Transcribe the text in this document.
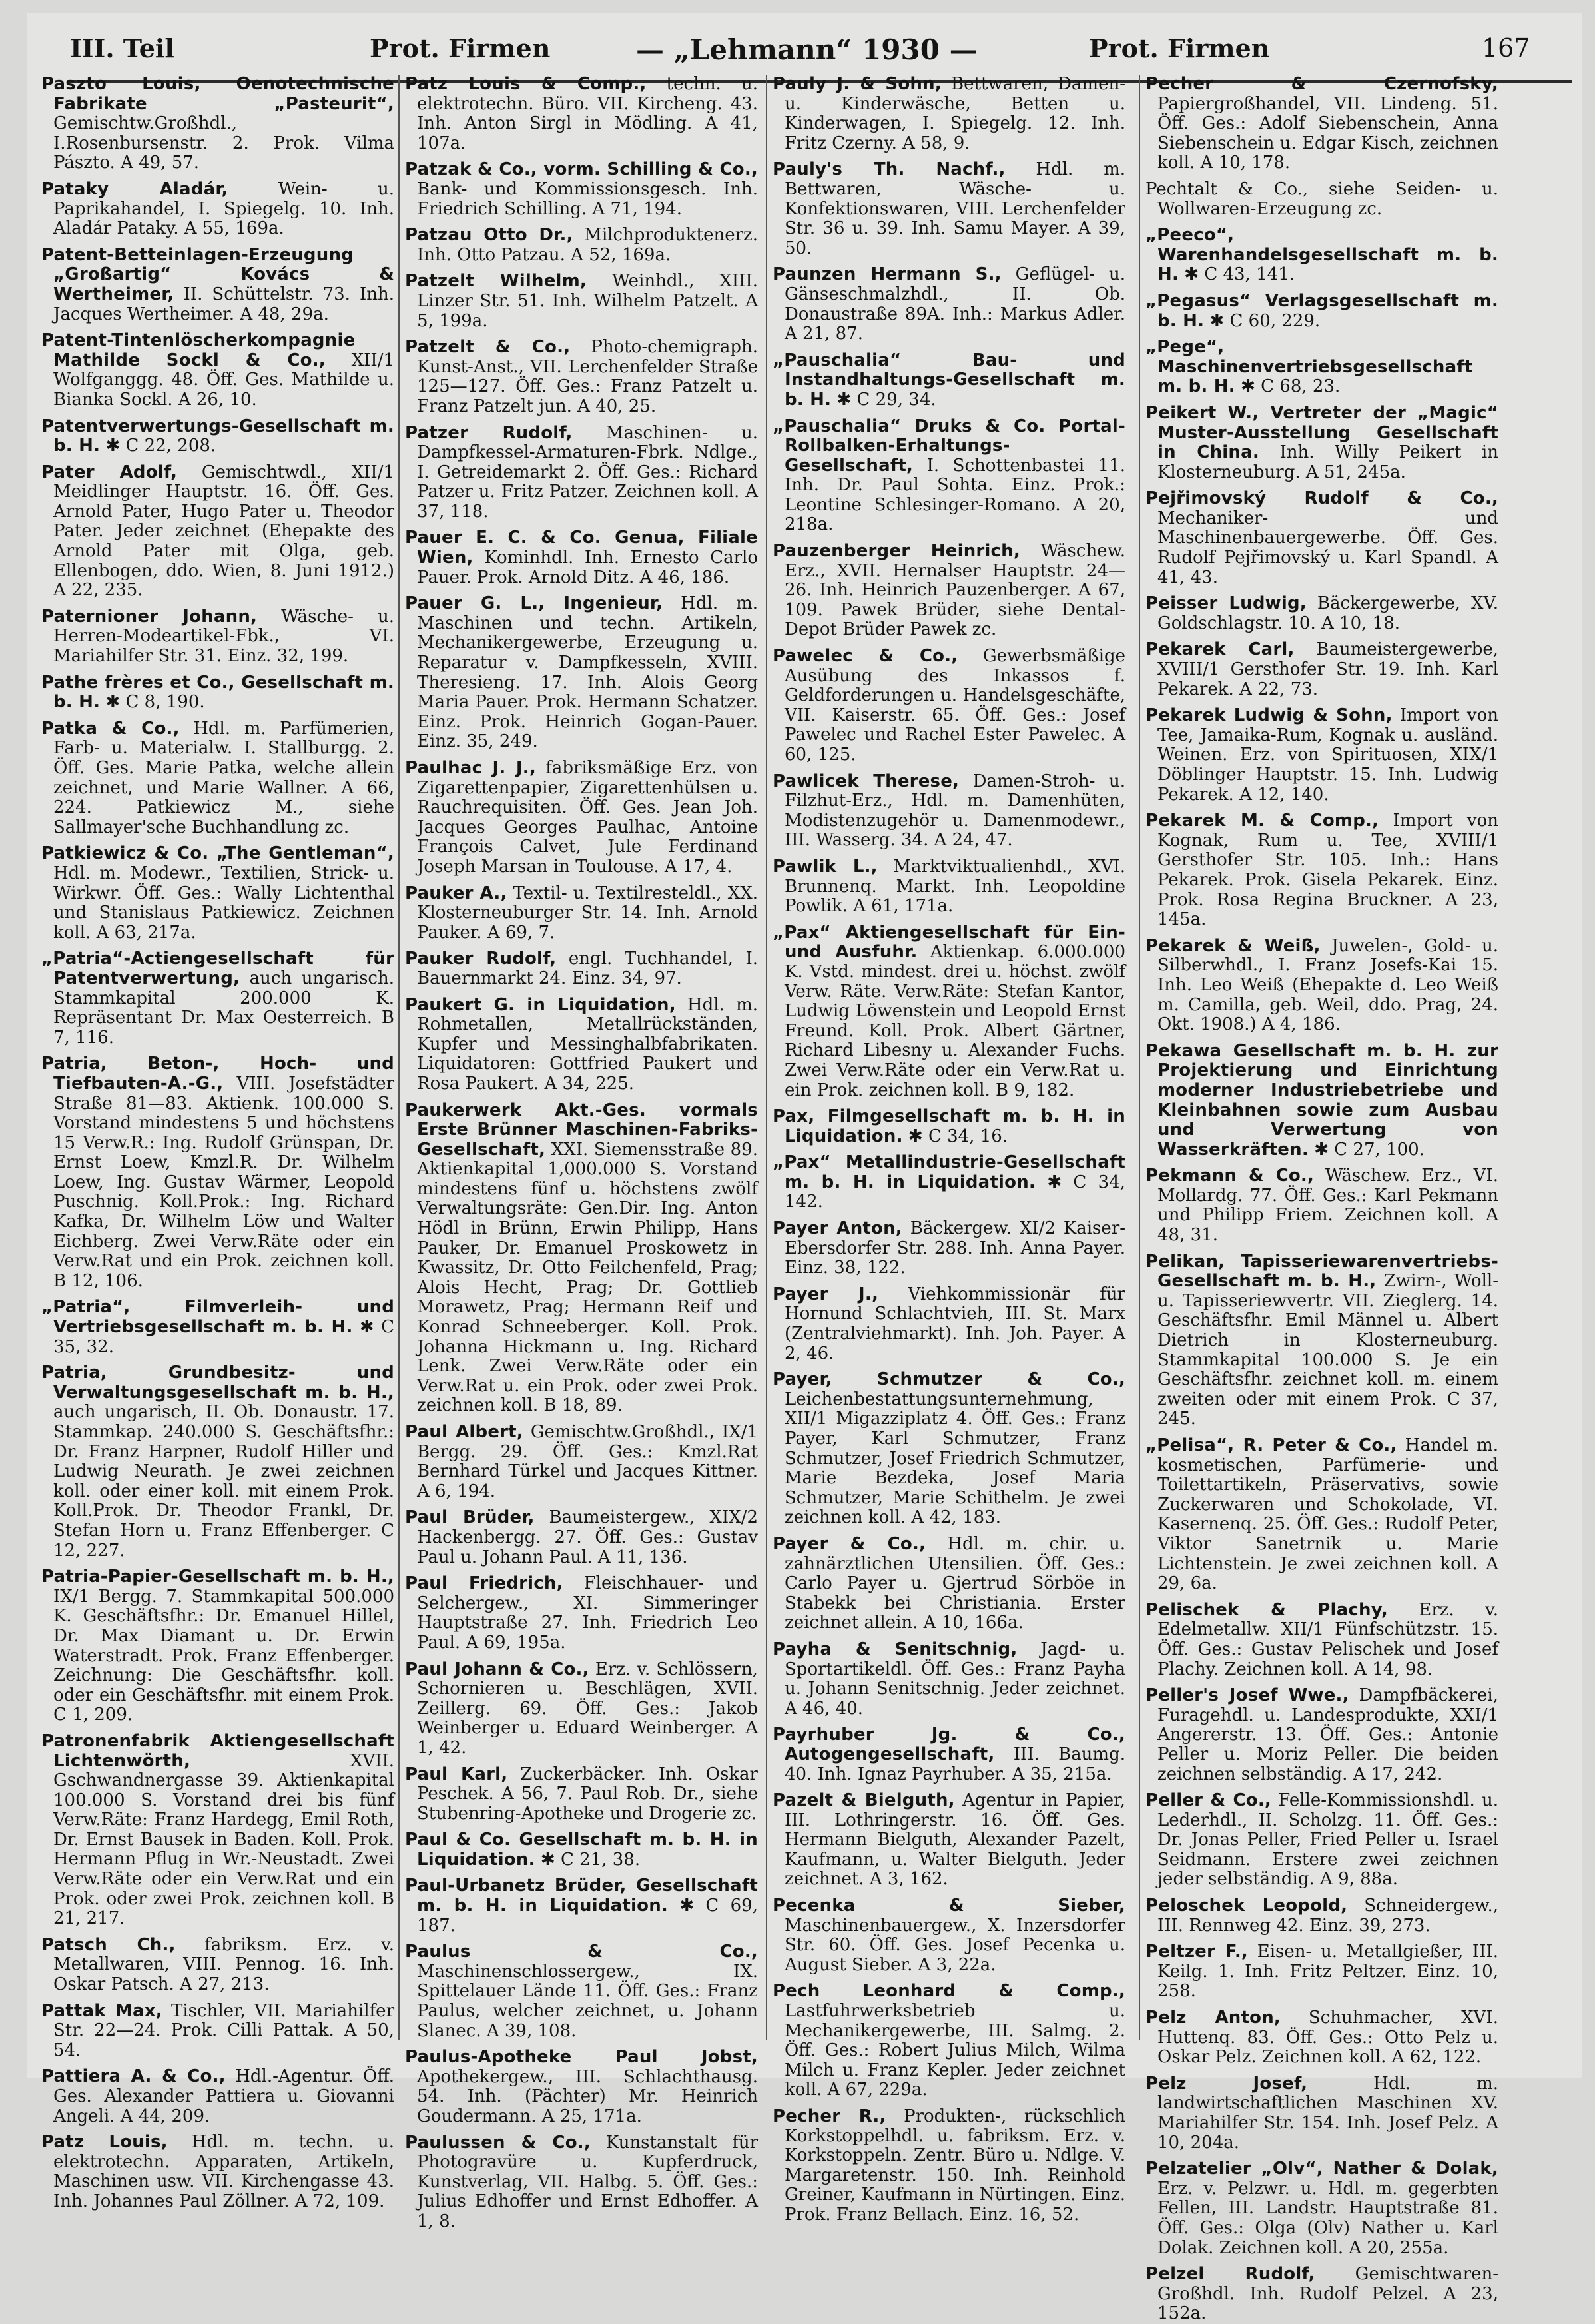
III. Teil	Prot. Firmen	— „Lehmann“ 1930 —	Prot. Firmen	167

Paszto Louis, Oenotechnische Fabrikate „Pasteurit“, Gemischtw.Großhdl., I.Rosenbursenstr. 2. Prok. Vilma Pászto. A 49, 57.

Pataky Aladár, Wein- u. Paprikahandel, I. Spiegelg. 10. Inh. Aladár Pataky. A 55, 169a.

Patent-Betteinlagen-Erzeugung „Großartig“ Kovács & Wertheimer, II. Schüttelstr. 73. Inh. Jacques Wertheimer. A 48, 29a.

Patent-Tintenlöscherkompagnie Mathilde Sockl & Co., XII/1 Wolfganggg. 48. Öff. Ges. Mathilde u. Bianka Sockl. A 26, 10.

Patentverwertungs-Gesellschaft m. b. H. ✱ C 22, 208.

Pater Adolf, Gemischtwdl., XII/1 Meidlinger Hauptstr. 16. Öff. Ges. Arnold Pater, Hugo Pater u. Theodor Pater. Jeder zeichnet (Ehepakte des Arnold Pater mit Olga, geb. Ellenbogen, ddo. Wien, 8. Juni 1912.) A 22, 235.

Paternioner Johann, Wäsche- u. Herren-Modeartikel-Fbk., VI. Mariahilfer Str. 31. Einz. 32, 199.

Pathe frères et Co., Gesellschaft m. b. H. ✱ C 8, 190.

Patka & Co., Hdl. m. Parfümerien, Farb- u. Materialw. I. Stallburgg. 2. Öff. Ges. Marie Patka, welche allein zeichnet, und Marie Wallner. A 66, 224. Patkiewicz M., siehe Sallmayer'sche Buchhandlung zc.

Patkiewicz & Co. „The Gentleman“, Hdl. m. Modewr., Textilien, Strick- u. Wirkwr. Öff. Ges.: Wally Lichtenthal und Stanislaus Patkiewicz. Zeichnen koll. A 63, 217a.

„Patria“-Actiengesellschaft für Patentverwertung, auch ungarisch. Stammkapital 200.000 K. Repräsentant Dr. Max Oesterreich. B 7, 116.

Patria, Beton-, Hoch- und Tiefbauten-A.-G., VIII. Josefstädter Straße 81—83. Aktienk. 100.000 S. Vorstand mindestens 5 und höchstens 15 Verw.R.: Ing. Rudolf Grünspan, Dr. Ernst Loew, Kmzl.R. Dr. Wilhelm Loew, Ing. Gustav Wärmer, Leopold Puschnig. Koll.Prok.: Ing. Richard Kafka, Dr. Wilhelm Löw und Walter Eichberg. Zwei Verw.Räte oder ein Verw.Rat und ein Prok. zeichnen koll. B 12, 106.

„Patria“, Filmverleih- und Vertriebsgesellschaft m. b. H. ✱ C 35, 32.

Patria, Grundbesitz- und Verwaltungsgesellschaft m. b. H., auch ungarisch, II. Ob. Donaustr. 17. Stammkap. 240.000 S. Geschäftsfhr.: Dr. Franz Harpner, Rudolf Hiller und Ludwig Neurath. Je zwei zeichnen koll. oder einer koll. mit einem Prok. Koll.Prok. Dr. Theodor Frankl, Dr. Stefan Horn u. Franz Effenberger. C 12, 227.

Patria-Papier-Gesellschaft m. b. H., IX/1 Bergg. 7. Stammkapital 500.000 K. Geschäftsfhr.: Dr. Emanuel Hillel, Dr. Max Diamant u. Dr. Erwin Waterstradt. Prok. Franz Effenberger. Zeichnung: Die Geschäftsfhr. koll. oder ein Geschäftsfhr. mit einem Prok. C 1, 209.

Patronenfabrik Aktiengesellschaft Lichtenwörth, XVII. Gschwandnergasse 39. Aktienkapital 100.000 S. Vorstand drei bis fünf Verw.Räte: Franz Hardegg, Emil Roth, Dr. Ernst Bausek in Baden. Koll. Prok. Hermann Pflug in Wr.-Neustadt. Zwei Verw.Räte oder ein Verw.Rat und ein Prok. oder zwei Prok. zeichnen koll. B 21, 217.

Patsch Ch., fabriksm. Erz. v. Metallwaren, VIII. Pennog. 16. Inh. Oskar Patsch. A 27, 213.

Pattak Max, Tischler, VII. Mariahilfer Str. 22—24. Prok. Cilli Pattak. A 50, 54.

Pattiera A. & Co., Hdl.-Agentur. Öff. Ges. Alexander Pattiera u. Giovanni Angeli. A 44, 209.

Patz Louis, Hdl. m. techn. u. elektrotechn. Apparaten, Artikeln, Maschinen usw. VII. Kirchengasse 43. Inh. Johannes Paul Zöllner. A 72, 109.

Patz Louis & Comp., techn. u. elektrotechn. Büro. VII. Kircheng. 43. Inh. Anton Sirgl in Mödling. A 41, 107a.

Patzak & Co., vorm. Schilling & Co., Bank- und Kommissionsgesch. Inh. Friedrich Schilling. A 71, 194.

Patzau Otto Dr., Milchproduktenerz. Inh. Otto Patzau. A 52, 169a.

Patzelt Wilhelm, Weinhdl., XIII. Linzer Str. 51. Inh. Wilhelm Patzelt. A 5, 199a.

Patzelt & Co., Photo-chemigraph. Kunst-Anst., VII. Lerchenfelder Straße 125—127. Öff. Ges.: Franz Patzelt u. Franz Patzelt jun. A 40, 25.

Patzer Rudolf, Maschinen- u. Dampfkessel-Armaturen-Fbrk. Ndlge., I. Getreidemarkt 2. Öff. Ges.: Richard Patzer u. Fritz Patzer. Zeichnen koll. A 37, 118.

Pauer E. C. & Co. Genua, Filiale Wien, Kominhdl. Inh. Ernesto Carlo Pauer. Prok. Arnold Ditz. A 46, 186.

Pauer G. L., Ingenieur, Hdl. m. Maschinen und techn. Artikeln, Mechanikergewerbe, Erzeugung u. Reparatur v. Dampfkesseln, XVIII. Theresieng. 17. Inh. Alois Georg Maria Pauer. Prok. Hermann Schatzer. Einz. Prok. Heinrich Gogan-Pauer. Einz. 35, 249.

Paulhac J. J., fabriksmäßige Erz. von Zigarettenpapier, Zigarettenhülsen u. Rauchrequisiten. Öff. Ges. Jean Joh. Jacques Georges Paulhac, Antoine François Calvet, Jule Ferdinand Joseph Marsan in Toulouse. A 17, 4.

Pauker A., Textil- u. Textilresteldl., XX. Klosterneuburger Str. 14. Inh. Arnold Pauker. A 69, 7.

Pauker Rudolf, engl. Tuchhandel, I. Bauernmarkt 24. Einz. 34, 97.

Paukert G. in Liquidation, Hdl. m. Rohmetallen, Metallrückständen, Kupfer und Messinghalbfabrikaten. Liquidatoren: Gottfried Paukert und Rosa Paukert. A 34, 225.

Paukerwerk Akt.-Ges. vormals Erste Brünner Maschinen-Fabriks-Gesellschaft, XXI. Siemensstraße 89. Aktienkapital 1,000.000 S. Vorstand mindestens fünf u. höchstens zwölf Verwaltungsräte: Gen.Dir. Ing. Anton Hödl in Brünn, Erwin Philipp, Hans Pauker, Dr. Emanuel Proskowetz in Kwassitz, Dr. Otto Feilchenfeld, Prag; Alois Hecht, Prag; Dr. Gottlieb Morawetz, Prag; Hermann Reif und Konrad Schneeberger. Koll. Prok. Johanna Hickmann u. Ing. Richard Lenk. Zwei Verw.Räte oder ein Verw.Rat u. ein Prok. oder zwei Prok. zeichnen koll. B 18, 89.

Paul Albert, Gemischtw.Großhdl., IX/1 Bergg. 29. Öff. Ges.: Kmzl.Rat Bernhard Türkel und Jacques Kittner. A 6, 194.

Paul Brüder, Baumeistergew., XIX/2 Hackenbergg. 27. Öff. Ges.: Gustav Paul u. Johann Paul. A 11, 136.

Paul Friedrich, Fleischhauer- und Selchergew., XI. Simmeringer Hauptstraße 27. Inh. Friedrich Leo Paul. A 69, 195a.

Paul Johann & Co., Erz. v. Schlössern, Schornieren u. Beschlägen, XVII. Zeillerg. 69. Öff. Ges.: Jakob Weinberger u. Eduard Weinberger. A 1, 42.

Paul Karl, Zuckerbäcker. Inh. Oskar Peschek. A 56, 7. Paul Rob. Dr., siehe Stubenring-Apotheke und Drogerie zc.

Paul & Co. Gesellschaft m. b. H. in Liquidation. ✱ C 21, 38.

Paul-Urbanetz Brüder, Gesellschaft m. b. H. in Liquidation. ✱ C 69, 187.

Paulus & Co., Maschinenschlossergew., IX. Spittelauer Lände 11. Öff. Ges.: Franz Paulus, welcher zeichnet, u. Johann Slanec. A 39, 108.

Paulus-Apotheke Paul Jobst, Apothekergew., III. Schlachthausg. 54. Inh. (Pächter) Mr. Heinrich Goudermann. A 25, 171a.

Paulussen & Co., Kunstanstalt für Photogravüre u. Kupferdruck, Kunstverlag, VII. Halbg. 5. Öff. Ges.: Julius Edhoffer und Ernst Edhoffer. A 1, 8.

Pauly J. & Sohn, Bettwaren, Damen- u. Kinderwäsche, Betten u. Kinderwagen, I. Spiegelg. 12. Inh. Fritz Czerny. A 58, 9.

Pauly's Th. Nachf., Hdl. m. Bettwaren, Wäsche- u. Konfektionswaren, VIII. Lerchenfelder Str. 36 u. 39. Inh. Samu Mayer. A 39, 50.

Paunzen Hermann S., Geflügel- u. Gänseschmalzhdl., II. Ob. Donaustraße 89A. Inh.: Markus Adler. A 21, 87.

„Pauschalia“ Bau- und Instandhaltungs-Gesellschaft m. b. H. ✱ C 29, 34.

„Pauschalia“ Druks & Co. Portal-Rollbalken-Erhaltungs-Gesellschaft, I. Schottenbastei 11. Inh. Dr. Paul Sohta. Einz. Prok.: Leontine Schlesinger-Romano. A 20, 218a.

Pauzenberger Heinrich, Wäschew. Erz., XVII. Hernalser Hauptstr. 24—26. Inh. Heinrich Pauzenberger. A 67, 109. Pawek Brüder, siehe Dental-Depot Brüder Pawek zc.

Pawelec & Co., Gewerbsmäßige Ausübung des Inkassos f. Geldforderungen u. Handelsgeschäfte, VII. Kaiserstr. 65. Öff. Ges.: Josef Pawelec und Rachel Ester Pawelec. A 60, 125.

Pawlicek Therese, Damen-Stroh- u. Filzhut-Erz., Hdl. m. Damenhüten, Modistenzugehör u. Damenmodewr., III. Wasserg. 34. A 24, 47.

Pawlik L., Marktviktualienhdl., XVI. Brunnenq. Markt. Inh. Leopoldine Powlik. A 61, 171a.

„Pax“ Aktiengesellschaft für Ein- und Ausfuhr. Aktienkap. 6.000.000 K. Vstd. mindest. drei u. höchst. zwölf Verw. Räte. Verw.Räte: Stefan Kantor, Ludwig Löwenstein und Leopold Ernst Freund. Koll. Prok. Albert Gärtner, Richard Libesny u. Alexander Fuchs. Zwei Verw.Räte oder ein Verw.Rat u. ein Prok. zeichnen koll. B 9, 182.

Pax, Filmgesellschaft m. b. H. in Liquidation. ✱ C 34, 16.

„Pax“ Metallindustrie-Gesellschaft m. b. H. in Liquidation. ✱ C 34, 142.

Payer Anton, Bäckergew. XI/2 Kaiser-Ebersdorfer Str. 288. Inh. Anna Payer. Einz. 38, 122.

Payer J., Viehkommissionär für Hornund Schlachtvieh, III. St. Marx (Zentralviehmarkt). Inh. Joh. Payer. A 2, 46.

Payer, Schmutzer & Co., Leichenbestattungsunternehmung, XII/1 Migazziplatz 4. Öff. Ges.: Franz Payer, Karl Schmutzer, Franz Schmutzer, Josef Friedrich Schmutzer, Marie Bezdeka, Josef Maria Schmutzer, Marie Schithelm. Je zwei zeichnen koll. A 42, 183.

Payer & Co., Hdl. m. chir. u. zahnärztlichen Utensilien. Öff. Ges.: Carlo Payer u. Gjertrud Sörböe in Stabekk bei Christiania. Erster zeichnet allein. A 10, 166a.

Payha & Senitschnig, Jagd- u. Sportartikeldl. Öff. Ges.: Franz Payha u. Johann Senitschnig. Jeder zeichnet. A 46, 40.

Payrhuber Jg. & Co., Autogengesellschaft, III. Baumg. 40. Inh. Ignaz Payrhuber. A 35, 215a.

Pazelt & Bielguth, Agentur in Papier, III. Lothringerstr. 16. Öff. Ges. Hermann Bielguth, Alexander Pazelt, Kaufmann, u. Walter Bielguth. Jeder zeichnet. A 3, 162.

Pecenka & Sieber, Maschinenbauergew., X. Inzersdorfer Str. 60. Öff. Ges. Josef Pecenka u. August Sieber. A 3, 22a.

Pech Leonhard & Comp., Lastfuhrwerksbetrieb u. Mechanikergewerbe, III. Salmg. 2. Öff. Ges.: Robert Julius Milch, Wilma Milch u. Franz Kepler. Jeder zeichnet koll. A 67, 229a.

Pecher R., Produkten-, rückschlich Korkstoppelhdl. u. fabriksm. Erz. v. Korkstoppeln. Zentr. Büro u. Ndlge. V. Margaretenstr. 150. Inh. Reinhold Greiner, Kaufmann in Nürtingen. Einz. Prok. Franz Bellach. Einz. 16, 52.

Pecher & Czernofsky, Papiergroßhandel, VII. Lindeng. 51. Öff. Ges.: Adolf Siebenschein, Anna Siebenschein u. Edgar Kisch, zeichnen koll. A 10, 178.

Pechtalt & Co., siehe Seiden- u. Wollwaren-Erzeugung zc.

„Peeco“, Warenhandelsgesellschaft m. b. H. ✱ C 43, 141.

„Pegasus“ Verlagsgesellschaft m. b. H. ✱ C 60, 229.

„Pege“, Maschinenvertriebsgesellschaft m. b. H. ✱ C 68, 23.

Peikert W., Vertreter der „Magic“ Muster-Ausstellung Gesellschaft in China. Inh. Willy Peikert in Klosterneuburg. A 51, 245a.

Pejřimovský Rudolf & Co., Mechaniker- und Maschinenbauergewerbe. Öff. Ges. Rudolf Pejřimovský u. Karl Spandl. A 41, 43.

Peisser Ludwig, Bäckergewerbe, XV. Goldschlagstr. 10. A 10, 18.

Pekarek Carl, Baumeistergewerbe, XVIII/1 Gersthofer Str. 19. Inh. Karl Pekarek. A 22, 73.

Pekarek Ludwig & Sohn, Import von Tee, Jamaika-Rum, Kognak u. ausländ. Weinen. Erz. von Spirituosen, XIX/1 Döblinger Hauptstr. 15. Inh. Ludwig Pekarek. A 12, 140.

Pekarek M. & Comp., Import von Kognak, Rum u. Tee, XVIII/1 Gersthofer Str. 105. Inh.: Hans Pekarek. Prok. Gisela Pekarek. Einz. Prok. Rosa Regina Bruckner. A 23, 145a.

Pekarek & Weiß, Juwelen-, Gold- u. Silberwhdl., I. Franz Josefs-Kai 15. Inh. Leo Weiß (Ehepakte d. Leo Weiß m. Camilla, geb. Weil, ddo. Prag, 24. Okt. 1908.) A 4, 186.

Pekawa Gesellschaft m. b. H. zur Projektierung und Einrichtung moderner Industriebetriebe und Kleinbahnen sowie zum Ausbau und Verwertung von Wasserkräften. ✱ C 27, 100.

Pekmann & Co., Wäschew. Erz., VI. Mollardg. 77. Öff. Ges.: Karl Pekmann und Philipp Friem. Zeichnen koll. A 48, 31.

Pelikan, Tapisseriewarenvertriebs-Gesellschaft m. b. H., Zwirn-, Woll- u. Tapisseriewvertr. VII. Zieglerg. 14. Geschäftsfhr. Emil Männel u. Albert Dietrich in Klosterneuburg. Stammkapital 100.000 S. Je ein Geschäftsfhr. zeichnet koll. m. einem zweiten oder mit einem Prok. C 37, 245.

„Pelisa“, R. Peter & Co., Handel m. kosmetischen, Parfümerie- und Toilettartikeln, Präservativs, sowie Zuckerwaren und Schokolade, VI. Kasernenq. 25. Öff. Ges.: Rudolf Peter, Viktor Sanetrnik u. Marie Lichtenstein. Je zwei zeichnen koll. A 29, 6a.

Pelischek & Plachy, Erz. v. Edelmetallw. XII/1 Fünfschützstr. 15. Öff. Ges.: Gustav Pelischek und Josef Plachy. Zeichnen koll. A 14, 98.

Peller's Josef Wwe., Dampfbäckerei, Furagehdl. u. Landesprodukte, XXI/1 Angererstr. 13. Öff. Ges.: Antonie Peller u. Moriz Peller. Die beiden zeichnen selbständig. A 17, 242.

Peller & Co., Felle-Kommissionshdl. u. Lederhdl., II. Scholzg. 11. Öff. Ges.: Dr. Jonas Peller, Fried Peller u. Israel Seidmann. Erstere zwei zeichnen jeder selbständig. A 9, 88a.

Peloschek Leopold, Schneidergew., III. Rennweg 42. Einz. 39, 273.

Peltzer F., Eisen- u. Metallgießer, III. Keilg. 1. Inh. Fritz Peltzer. Einz. 10, 258.

Pelz Anton, Schuhmacher, XVI. Huttenq. 83. Öff. Ges.: Otto Pelz u. Oskar Pelz. Zeichnen koll. A 62, 122.

Pelz Josef, Hdl. m. landwirtschaftlichen Maschinen XV. Mariahilfer Str. 154. Inh. Josef Pelz. A 10, 204a.

Pelzatelier „Olv“, Nather & Dolak, Erz. v. Pelzwr. u. Hdl. m. gegerbten Fellen, III. Landstr. Hauptstraße 81. Öff. Ges.: Olga (Olv) Nather u. Karl Dolak. Zeichnen koll. A 20, 255a.

Pelzel Rudolf, Gemischtwaren-Großhdl. Inh. Rudolf Pelzel. A 23, 152a.
